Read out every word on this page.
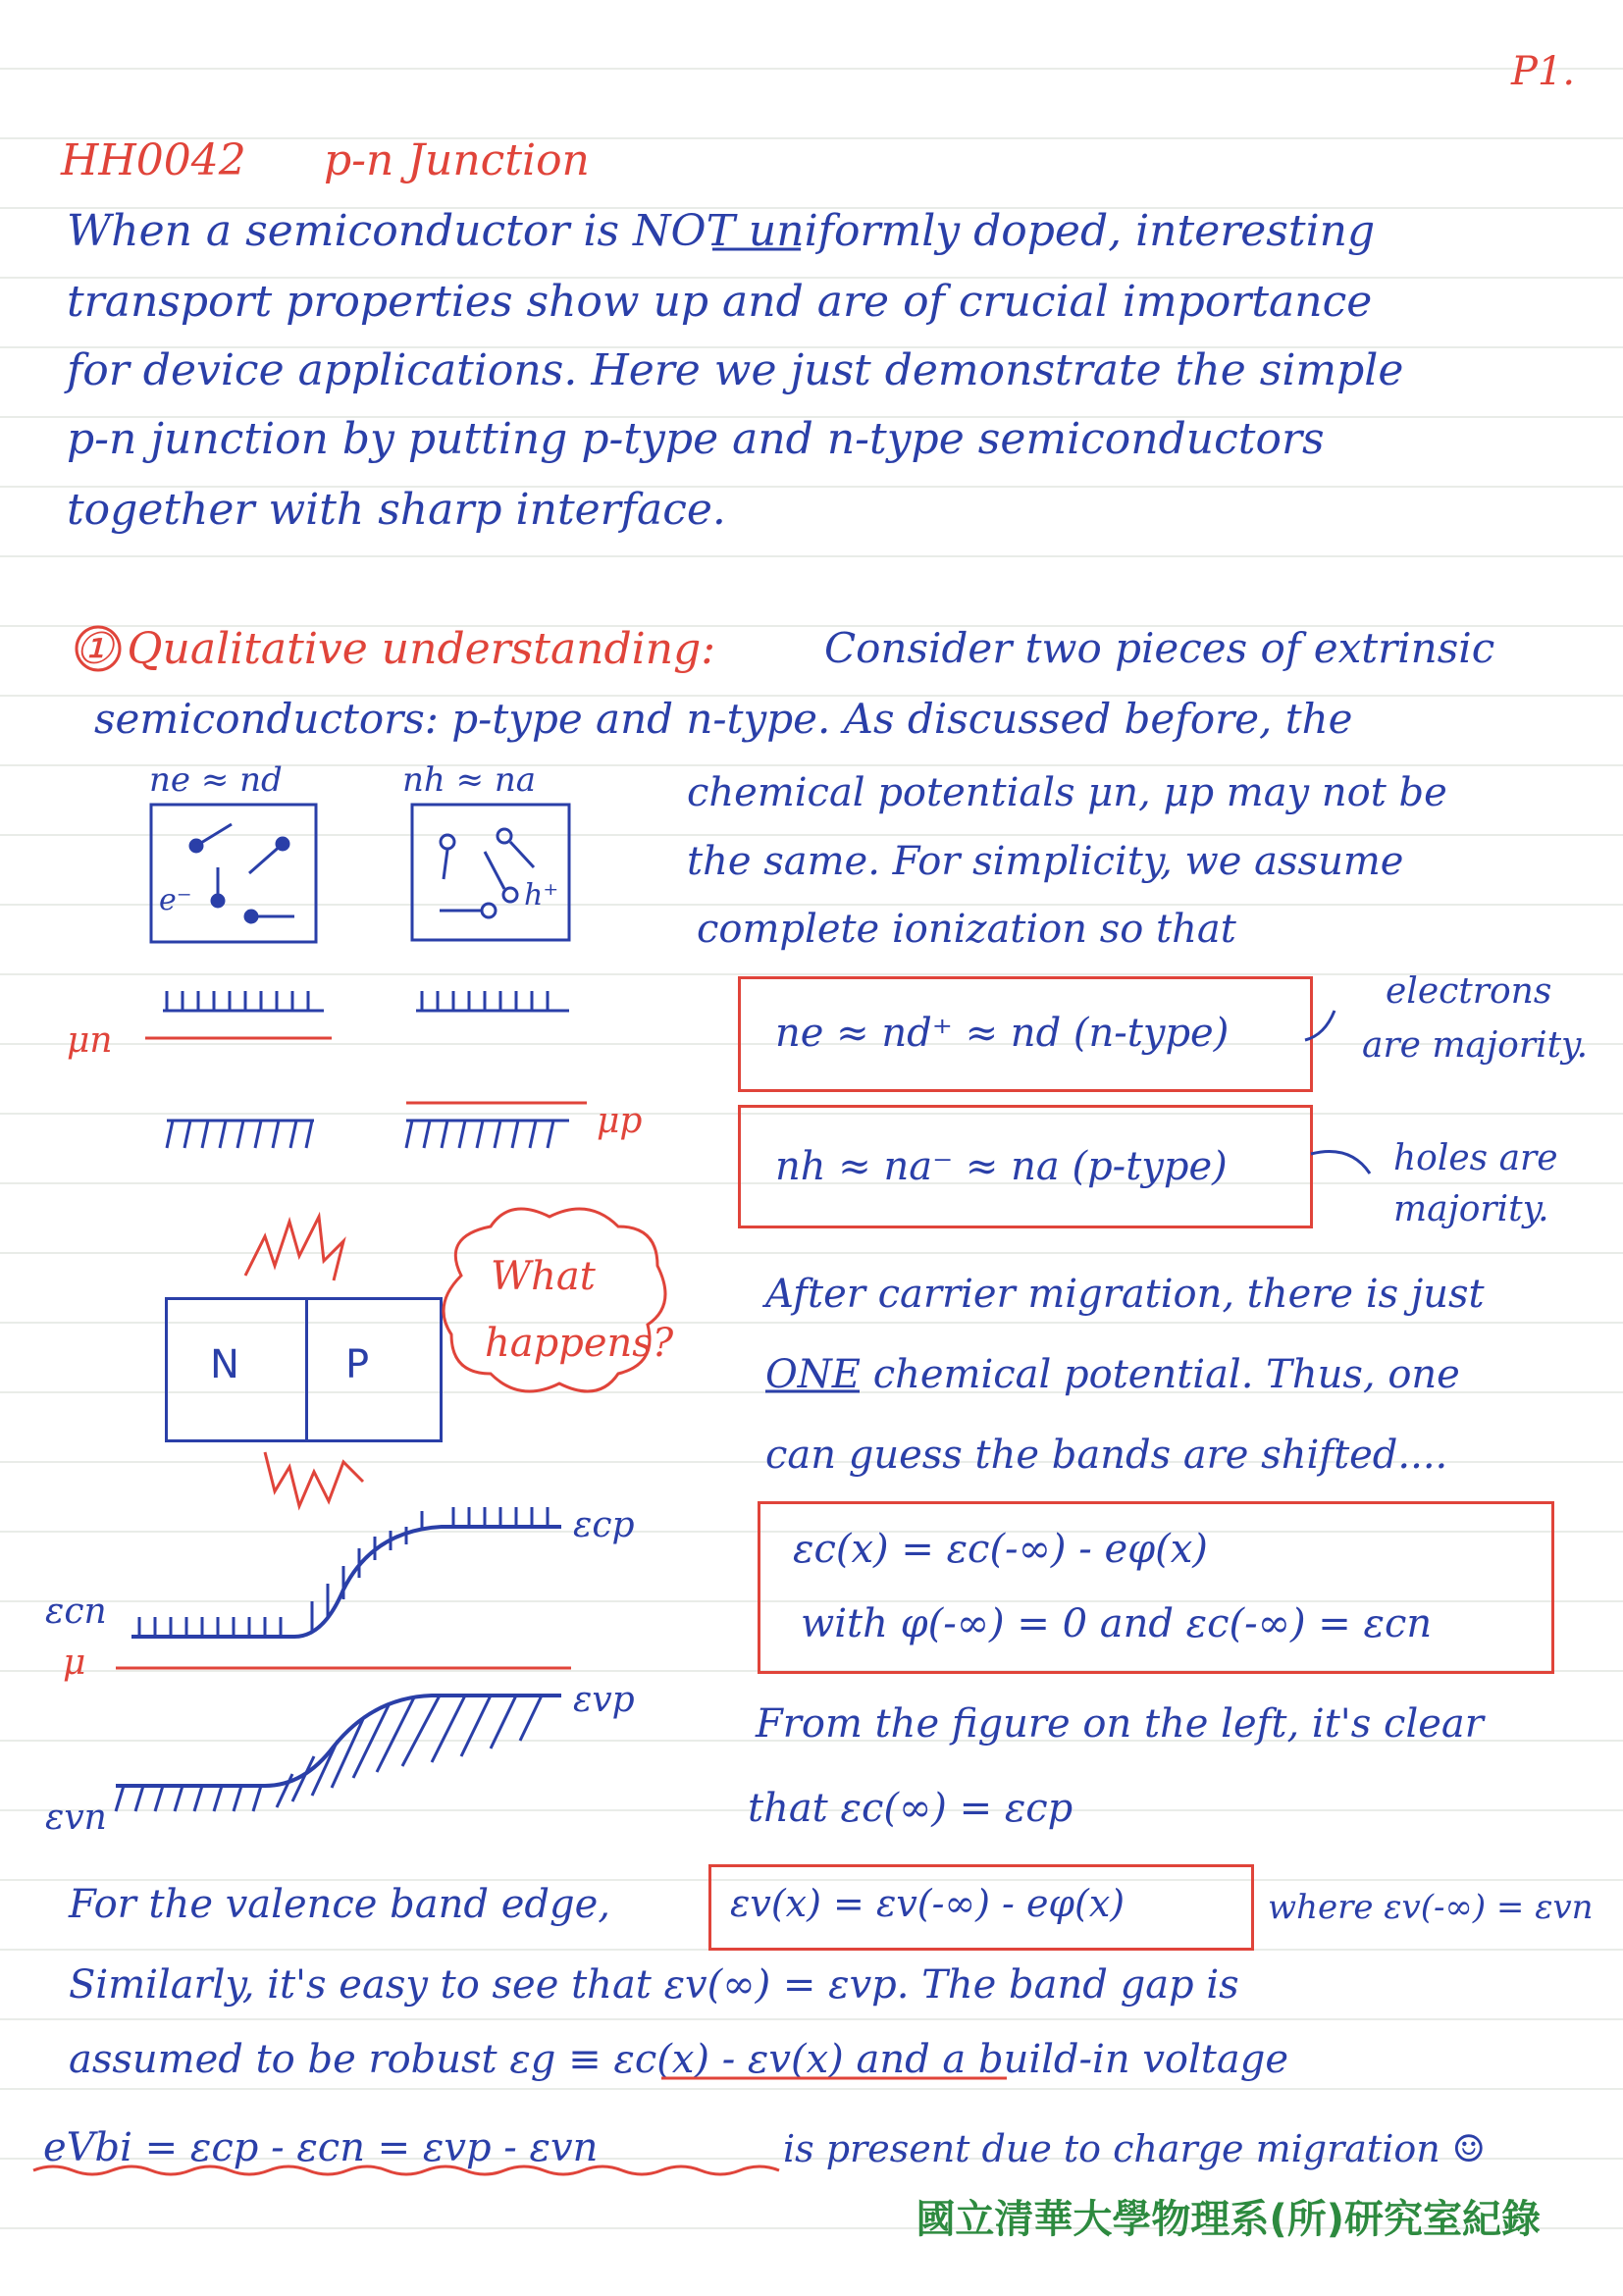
P1.
HH0042 p-n Junction
When a semiconductor is NOT uniformly doped, interesting
transport properties show up and are of crucial importance
for device applications. Here we just demonstrate the simple
p-n junction by putting p-type and n-type semiconductors
together with sharp interface.
① Qualitative understanding:	Consider two pieces of extrinsic
semiconductors: p-type and n-type. As discussed before, the
chemical potentials μn, μp may not be
the same. For simplicity, we assume
complete ionization so that
ne ≈ nd⁺ ≈ nd (n-type)
nh ≈ na⁻ ≈ na (p-type)
electrons
are majority.
holes are
majority.
ne ≈ nd	nh ≈ na
e⁻	h⁺
μn
μp
N	P
What
happens?
After carrier migration, there is just
ONE chemical potential. Thus, one
can guess the bands are shifted....
εc(x) = εc(-∞) - eφ(x)
with φ(-∞) = 0 and εc(-∞) = εcn
εcp
εcn
μ
εvp
εvn
From the figure on the left, it's clear
that εc(∞) = εcp
For the valence band edge,	εv(x) = εv(-∞) - eφ(x)	where εv(-∞) = εvn
Similarly, it's easy to see that εv(∞) = εvp. The band gap is
assumed to be robust εg ≡ εc(x) - εv(x) and a build-in voltage
eVbi = εcp - εcn = εvp - εvn	is present due to charge migration ☺
國立清華大學物理系(所)研究室紀錄
